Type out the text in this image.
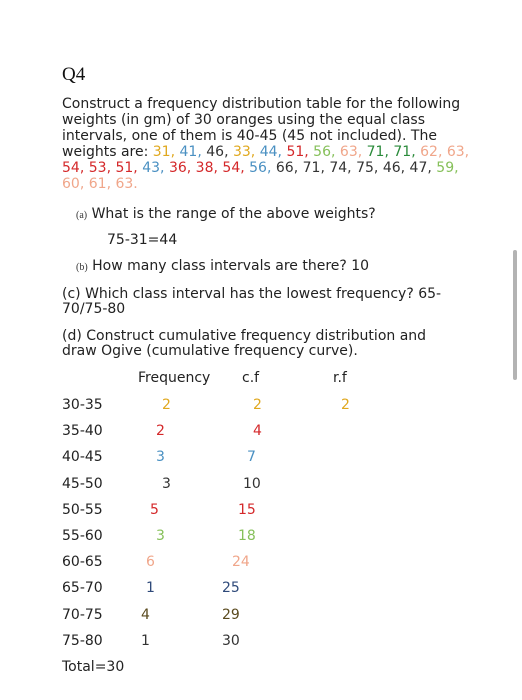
Q4
Construct a frequency distribution table for the following weights (in gm) of 30 oranges using the equal class intervals, one of them is 40-45 (45 not included). The weights are: 31, 41, 46, 33, 44, 51, 56, 63, 71, 71, 62, 63, 54, 53, 51, 43, 36, 38, 54, 56, 66, 71, 74, 75, 46, 47, 59, 60, 61, 63.
(a) What is the range of the above weights?
75-31=44
(b) How many class intervals are there? 10
(c) Which class interval has the lowest frequency? 65-
70/75-80
(d) Construct cumulative frequency distribution and
draw Ogive (cumulative frequency curve).
Frequency c.f	r.f
30-35	2	2	2
35-40	2	4
40-45	3	7
45-50	3	10
50-55	5	15
55-60	3	18
60-65	6	24
65-70	1	25
70-75	4	29
75-80	1	30
Total=30
